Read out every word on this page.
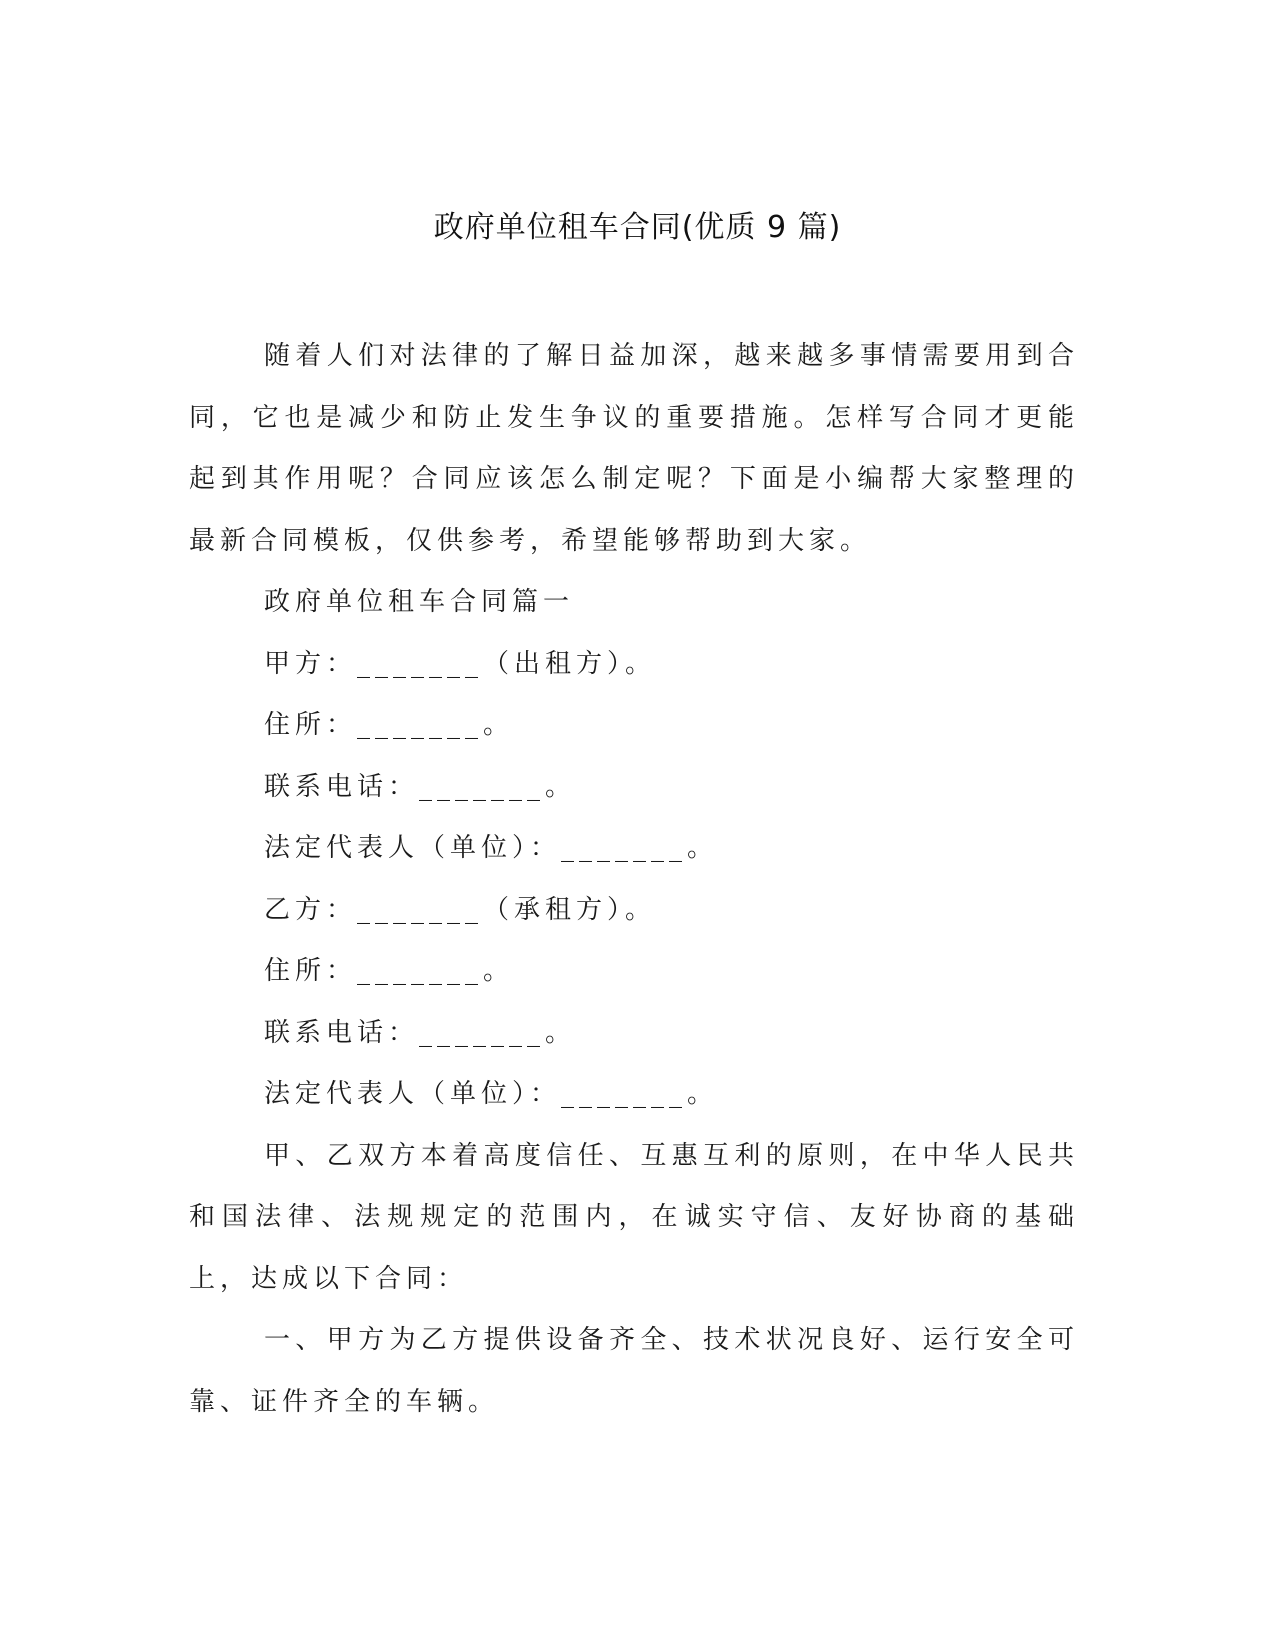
政府单位租车合同(优质 9 篇)

随着人们对法律的了解日益加深，越来越多事情需要用到合同，它也是减少和防止发生争议的重要措施。怎样写合同才更能起到其作用呢？合同应该怎么制定呢？下面是小编帮大家整理的最新合同模板，仅供参考，希望能够帮助到大家。

政府单位租车合同篇一

甲方：_______（出租方）。

住所：_______。

联系电话：_______。

法定代表人（单位）：_______。

乙方：_______（承租方）。

住所：_______。

联系电话：_______。

法定代表人（单位）：_______。

甲、乙双方本着高度信任、互惠互利的原则，在中华人民共和国法律、法规规定的范围内，在诚实守信、友好协商的基础上，达成以下合同：

一、甲方为乙方提供设备齐全、技术状况良好、运行安全可靠、证件齐全的车辆。
